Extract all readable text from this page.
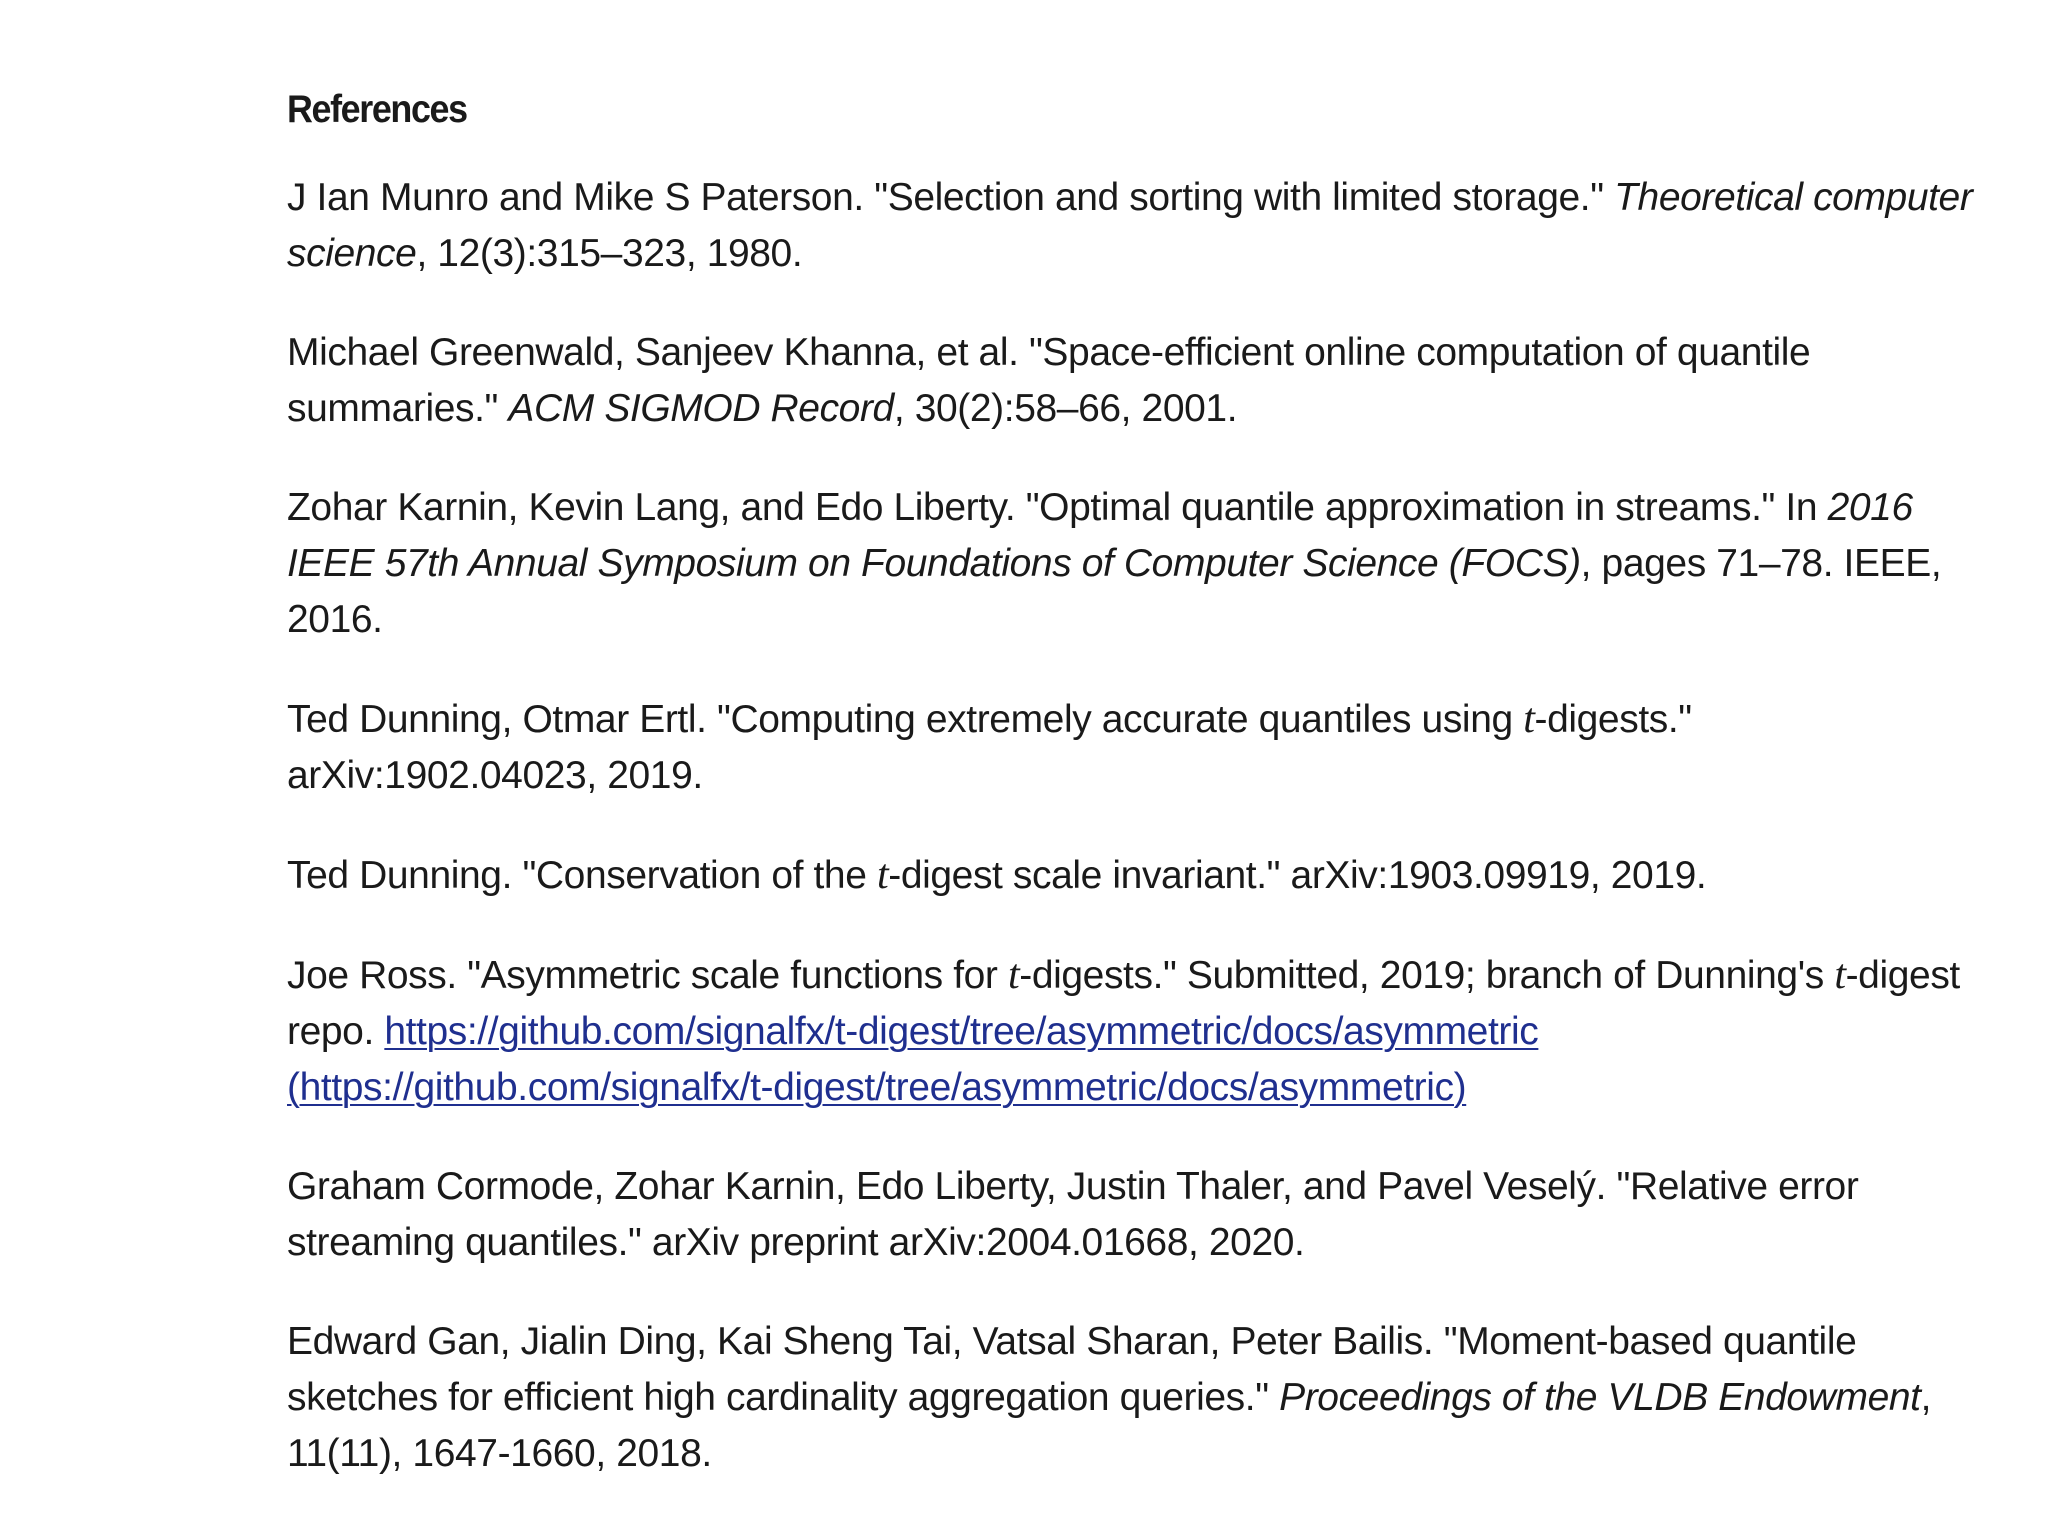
References

J Ian Munro and Mike S Paterson. "Selection and sorting with limited storage." Theoretical computer science, 12(3):315–323, 1980.

Michael Greenwald, Sanjeev Khanna, et al. "Space-efficient online computation of quantile summaries." ACM SIGMOD Record, 30(2):58–66, 2001.

Zohar Karnin, Kevin Lang, and Edo Liberty. "Optimal quantile approximation in streams." In 2016 IEEE 57th Annual Symposium on Foundations of Computer Science (FOCS), pages 71–78. IEEE, 2016.

Ted Dunning, Otmar Ertl. "Computing extremely accurate quantiles using t-digests." arXiv:1902.04023, 2019.

Ted Dunning. "Conservation of the t-digest scale invariant." arXiv:1903.09919, 2019.

Joe Ross. "Asymmetric scale functions for t-digests." Submitted, 2019; branch of Dunning's t-digest repo. https://github.com/signalfx/t-digest/tree/asymmetric/docs/asymmetric (https://github.com/signalfx/t-digest/tree/asymmetric/docs/asymmetric)

Graham Cormode, Zohar Karnin, Edo Liberty, Justin Thaler, and Pavel Veselý. "Relative error streaming quantiles." arXiv preprint arXiv:2004.01668, 2020.

Edward Gan, Jialin Ding, Kai Sheng Tai, Vatsal Sharan, Peter Bailis. "Moment-based quantile sketches for efficient high cardinality aggregation queries." Proceedings of the VLDB Endowment, 11(11), 1647-1660, 2018.
